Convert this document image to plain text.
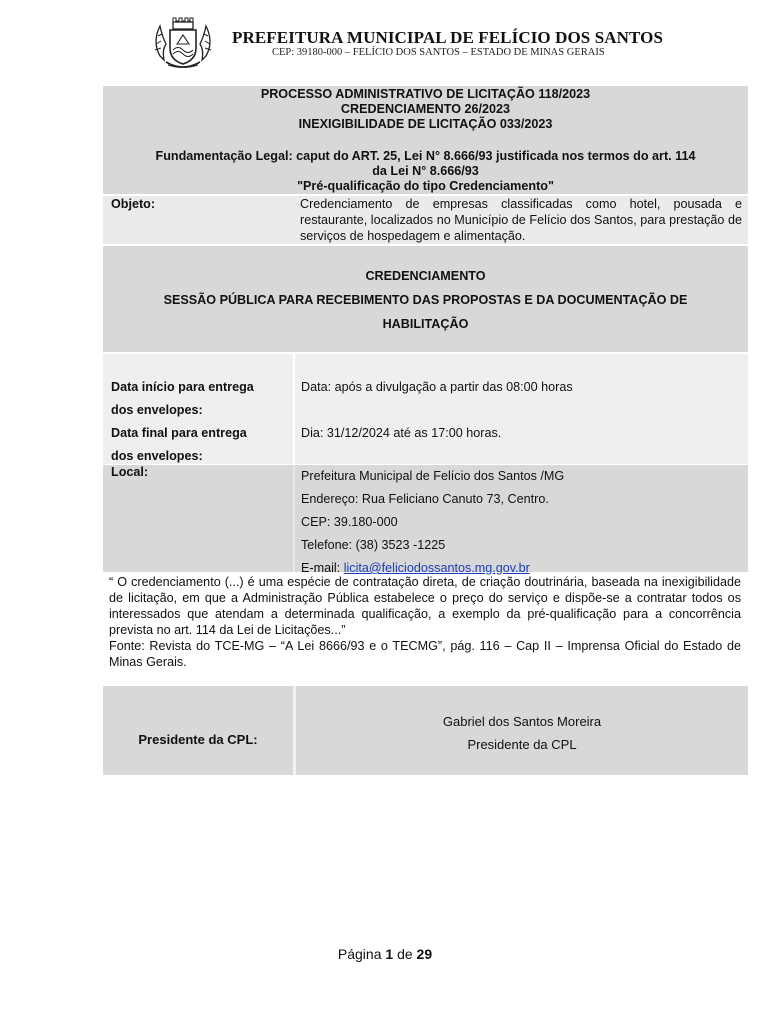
PREFEITURA MUNICIPAL DE FELÍCIO DOS SANTOS
CEP: 39180-000 – FELÍCIO DOS SANTOS – ESTADO DE MINAS GERAIS
PROCESSO ADMINISTRATIVO DE LICITAÇÃO 118/2023
CREDENCIAMENTO 26/2023
INEXIGIBILIDADE DE LICITAÇÃO 033/2023
Fundamentação Legal: caput do ART. 25, Lei N° 8.666/93 justificada nos termos do art. 114
da Lei N° 8.666/93
"Pré-qualificação do tipo Credenciamento"
Objeto:	Credenciamento de empresas classificadas como hotel, pousada e restaurante, localizados no Município de Felício dos Santos, para prestação de serviços de hospedagem e alimentação.
CREDENCIAMENTO
SESSÃO PÚBLICA PARA RECEBIMENTO DAS PROPOSTAS E DA DOCUMENTAÇÃO DE
HABILITAÇÃO
Data início para entrega
dos envelopes:
Data: após a divulgação a partir das 08:00 horas
Data final para entrega
dos envelopes:
Dia: 31/12/2024 até as 17:00 horas.
Local:	Prefeitura Municipal de Felício dos Santos /MG
Endereço: Rua Feliciano Canuto 73, Centro.
CEP: 39.180-000
Telefone: (38) 3523 -1225
E-mail: licita@feliciodossantos.mg.gov.br
“ O credenciamento (...) é uma espécie de contratação direta, de criação doutrinária, baseada na inexigibilidade de licitação, em que a Administração Pública estabelece o preço do serviço e dispõe-se a contratar todos os interessados que atendam a determinada qualificação, a exemplo da pré-qualificação para a concorrência prevista no art. 114 da Lei de Licitações...”
Fonte: Revista do TCE-MG – “A Lei 8666/93 e o TECMG”, pág. 116 – Cap II – Imprensa Oficial do Estado de Minas Gerais.
Presidente da CPL:
Gabriel dos Santos Moreira
Presidente da CPL
Página 1 de 29
